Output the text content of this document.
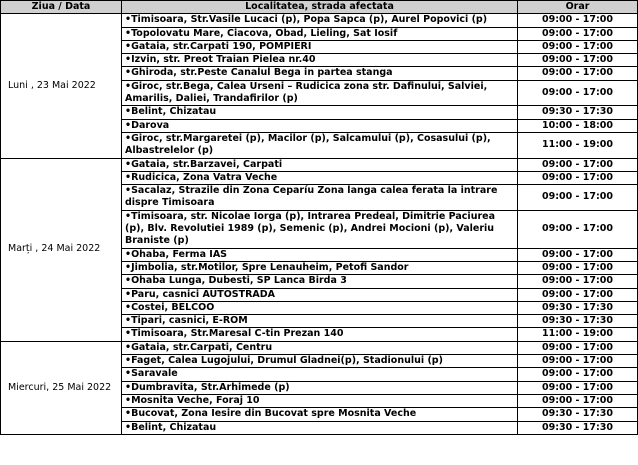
Ziua / Data	Localitatea, strada afectata	Orar
Luni , 23 Mai 2022	•Timisoara, Str.Vasile Lucaci (p), Popa Sapca (p), Aurel Popovici (p)	09:00 - 17:00
	•Topolovatu Mare, Ciacova, Obad, Lieling, Sat Iosif	09:00 - 17:00
	•Gataia, str.Carpati 190, POMPIERI	09:00 - 17:00
	•Izvin, str. Preot Traian Pielea nr.40	09:00 - 17:00
	•Ghiroda, str.Peste Canalul Bega in partea stanga	09:00 - 17:00
	•Giroc, str.Bega, Calea Urseni – Rudicica zona str. Dafinului, Salviei, Amarilis, Daliei, Trandafirilor (p)	09:00 - 17:00
	•Belint, Chizatau	09:30 - 17:30
	•Darova	10:00 - 18:00
	•Giroc, str.Margaretei (p), Macilor (p), Salcamului (p), Cosasului (p), Albastrelelor (p)	11:00 - 19:00
Marți , 24 Mai 2022	•Gataia, str.Barzavei, Carpati	09:00 - 17:00
	•Rudicica, Zona Vatra Veche	09:00 - 17:00
	•Sacalaz, Strazile din Zona Ceparíu Zona langa calea ferata la intrare dispre Timisoara	09:00 - 17:00
	•Timisoara, str. Nicolae Iorga (p), Intrarea Predeal, Dimitrie Paciurea (p), Blv. Revolutiei 1989 (p), Semenic (p), Andrei Mocioni (p), Valeriu Braniste (p)	09:00 - 17:00
	•Ohaba, Ferma IAS	09:00 - 17:00
	•Jimbolia, str.Motilor, Spre Lenauheim, Petofi Sandor	09:00 - 17:00
	•Ohaba Lunga, Dubesti, SP Lanca Birda 3	09:00 - 17:00
	•Paru, casnici AUTOSTRADA	09:00 - 17:00
	•Costei, BELCOO	09:30 - 17:30
	•Tipari, casnici, E-ROM	09:30 - 17:30
	•Timisoara, Str.Maresal C-tin Prezan 140	11:00 - 19:00
Miercuri, 25 Mai 2022	•Gataia, str.Carpati, Centru	09:00 - 17:00
	•Faget, Calea Lugojului, Drumul Gladnei(p), Stadionului (p)	09:00 - 17:00
	•Saravale	09:00 - 17:00
	•Dumbravita, Str.Arhimede (p)	09:00 - 17:00
	•Mosnita Veche, Foraj 10	09:00 - 17:00
	•Bucovat, Zona Iesire din Bucovat spre Mosnita Veche	09:30 - 17:30
	•Belint, Chizatau	09:30 - 17:30
